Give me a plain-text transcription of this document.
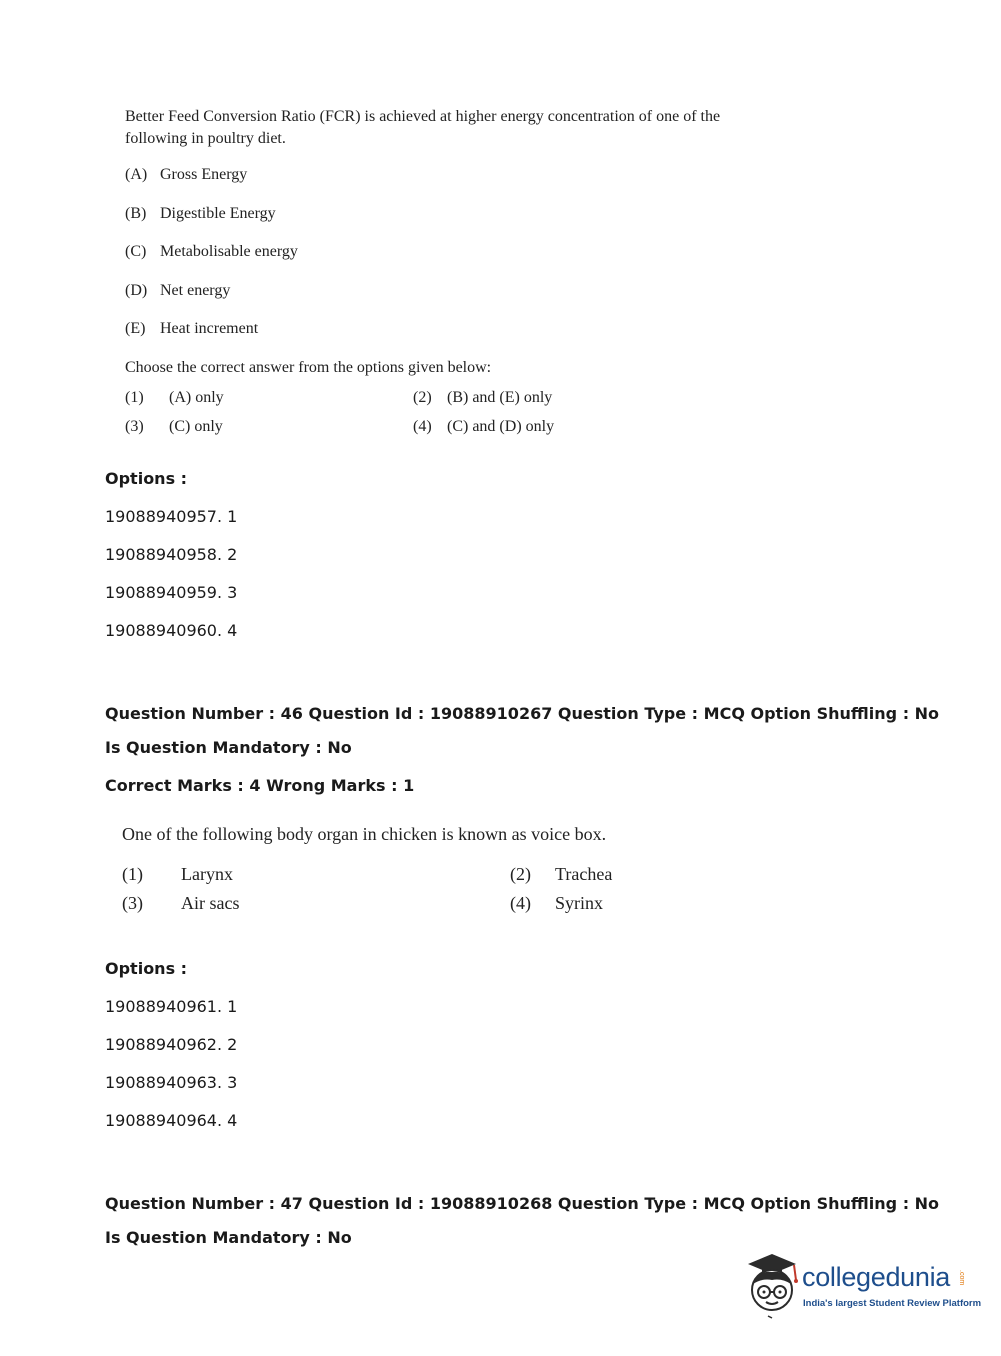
Better Feed Conversion Ratio (FCR) is achieved at higher energy concentration of one of the
following in poultry diet.
(A) Gross Energy
(B) Digestible Energy
(C) Metabolisable energy
(D) Net energy
(E) Heat increment
Choose the correct answer from the options given below:
(1) (A) only	(2) (B) and (E) only
(3) (C) only	(4) (C) and (D) only
Options :
19088940957. 1
19088940958. 2
19088940959. 3
19088940960. 4
Question Number : 46 Question Id : 19088910267 Question Type : MCQ Option Shuffling : No
Is Question Mandatory : No
Correct Marks : 4 Wrong Marks : 1
One of the following body organ in chicken is known as voice box.
(1) Larynx	(2) Trachea
(3) Air sacs	(4) Syrinx
Options :
19088940961. 1
19088940962. 2
19088940963. 3
19088940964. 4
Question Number : 47 Question Id : 19088910268 Question Type : MCQ Option Shuffling : No
Is Question Mandatory : No
collegedunia .com
India's largest Student Review Platform
